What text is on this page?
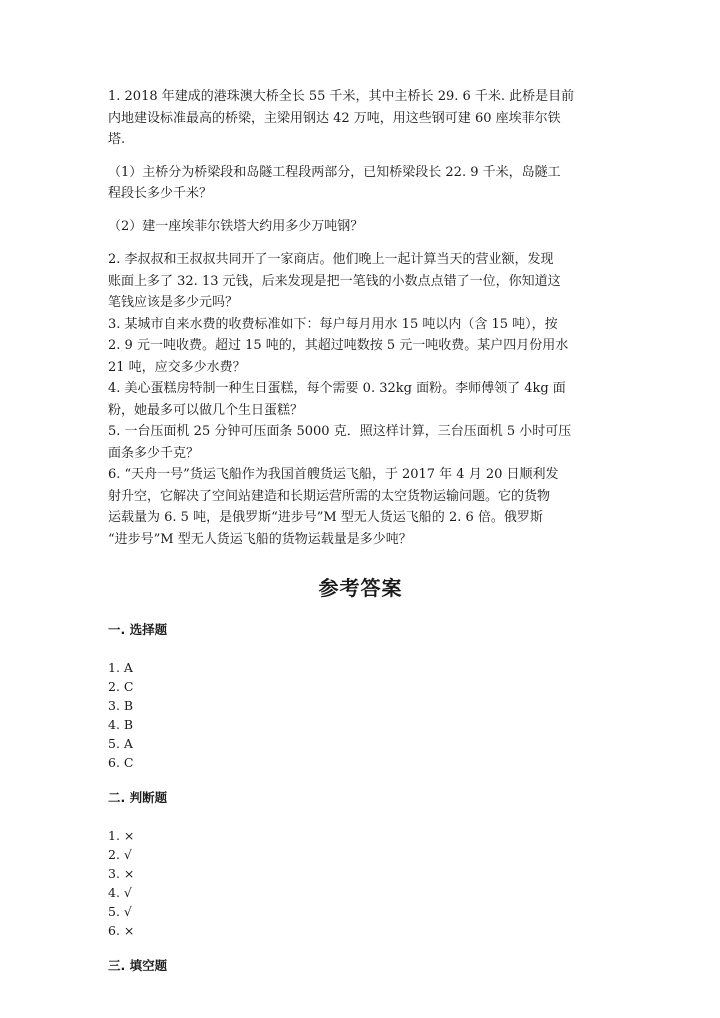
1. 2018 年建成的港珠澳大桥全长 55 千米，其中主桥长 29. 6 千米. 此桥是目前

内地建设标准最高的桥梁，主梁用钢达 42 万吨，用这些钢可建 60 座埃菲尔铁

塔.

（1）主桥分为桥梁段和岛隧工程段两部分，已知桥梁段长 22. 9 千米，岛隧工

程段长多少千米？

（2）建一座埃菲尔铁塔大约用多少万吨钢？

2. 李叔叔和王叔叔共同开了一家商店。他们晚上一起计算当天的营业额，发现

账面上多了 32. 13 元钱，后来发现是把一笔钱的小数点点错了一位，你知道这

笔钱应该是多少元吗？

3. 某城市自来水费的收费标准如下：每户每月用水 15 吨以内（含 15 吨），按

2. 9 元一吨收费。超过 15 吨的，其超过吨数按 5 元一吨收费。某户四月份用水

21 吨，应交多少水费？

4. 美心蛋糕房特制一种生日蛋糕，每个需要 0. 32kg 面粉。李师傅领了 4kg 面

粉，她最多可以做几个生日蛋糕？

5. 一台压面机 25 分钟可压面条 5000 克．照这样计算，三台压面机 5 小时可压

面条多少千克？

6. “天舟一号”货运飞船作为我国首艘货运飞船，于 2017 年 4 月 20 日顺利发

射升空，它解决了空间站建造和长期运营所需的太空货物运输问题。它的货物

运载量为 6. 5 吨，是俄罗斯“进步号”M 型无人货运飞船的 2. 6 倍。俄罗斯

“进步号”M 型无人货运飞船的货物运载量是多少吨？

参考答案

一. 选择题

1. A
2. C
3. B
4. B
5. A
6. C

二. 判断题

1. ×
2. √
3. ×
4. √
5. √
6. ×

三. 填空题
